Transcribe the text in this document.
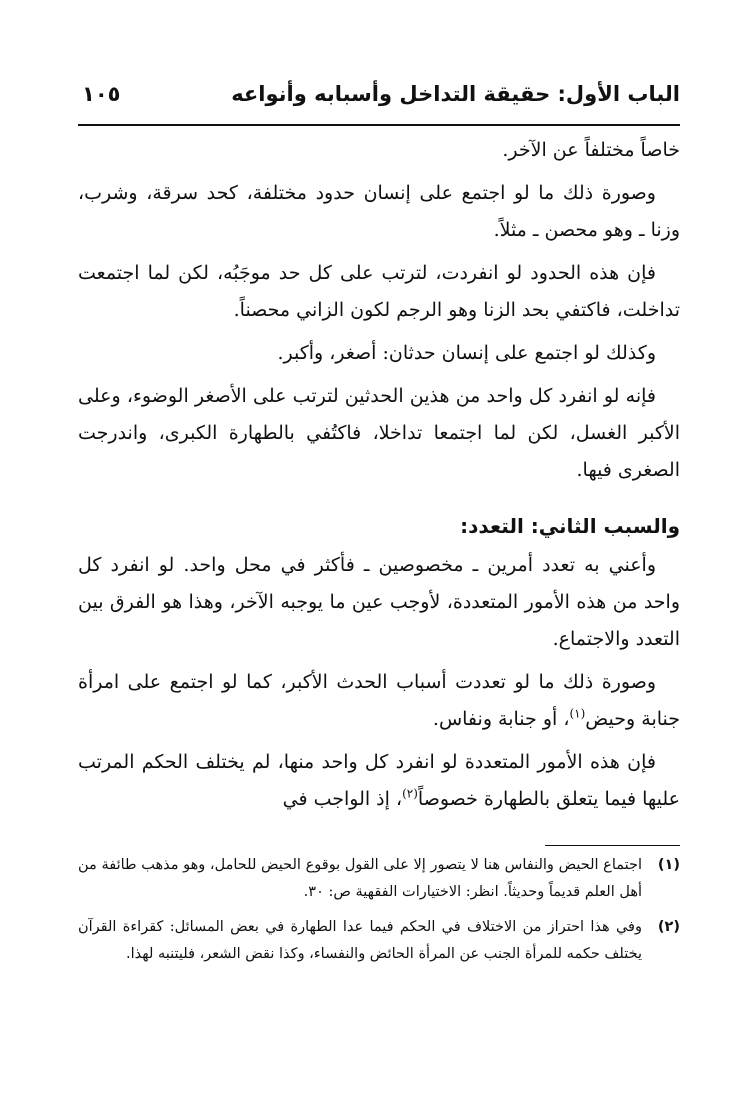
الباب الأول: حقيقة التداخل وأسبابه وأنواعه
١٠٥

خاصاً مختلفاً عن الآخر.

وصورة ذلك ما لو اجتمع على إنسان حدود مختلفة، كحد سرقة، وشرب، وزنا ـ وهو محصن ـ مثلاً.

فإن هذه الحدود لو انفردت، لترتب على كل حد موجَبُه، لكن لما اجتمعت تداخلت، فاكتفي بحد الزنا وهو الرجم لكون الزاني محصناً.

وكذلك لو اجتمع على إنسان حدثان: أصغر، وأكبر.

فإنه لو انفرد كل واحد من هذين الحدثين لترتب على الأصغر الوضوء، وعلى الأكبر الغسل، لكن لما اجتمعا تداخلا، فاكتُفي بالطهارة الكبرى، واندرجت الصغرى فيها.

والسبب الثاني: التعدد:

وأعني به تعدد أمرين ـ مخصوصين ـ فأكثر في محل واحد. لو انفرد كل واحد من هذه الأمور المتعددة، لأوجب عين ما يوجبه الآخر، وهذا هو الفرق بين التعدد والاجتماع.

وصورة ذلك ما لو تعددت أسباب الحدث الأكبر، كما لو اجتمع على امرأة جنابة وحيض$^{(١)}$، أو جنابة ونفاس.

فإن هذه الأمور المتعددة لو انفرد كل واحد منها، لم يختلف الحكم المرتب عليها فيما يتعلق بالطهارة خصوصاً$^{(٢)}$، إذ الواجب في

(١)
اجتماع الحيض والنفاس هنا لا يتصور إلا على القول بوقوع الحيض للحامل، وهو مذهب طائفة من أهل العلم قديماً وحديثاً. انظر: الاختيارات الفقهية ص: ٣٠.
(٢)
وفي هذا احتراز من الاختلاف في الحكم فيما عدا الطهارة في بعض المسائل: كقراءة القرآن يختلف حكمه للمرأة الجنب عن المرأة الحائض والنفساء، وكذا نقض الشعر، فليتنبه لهذا.
